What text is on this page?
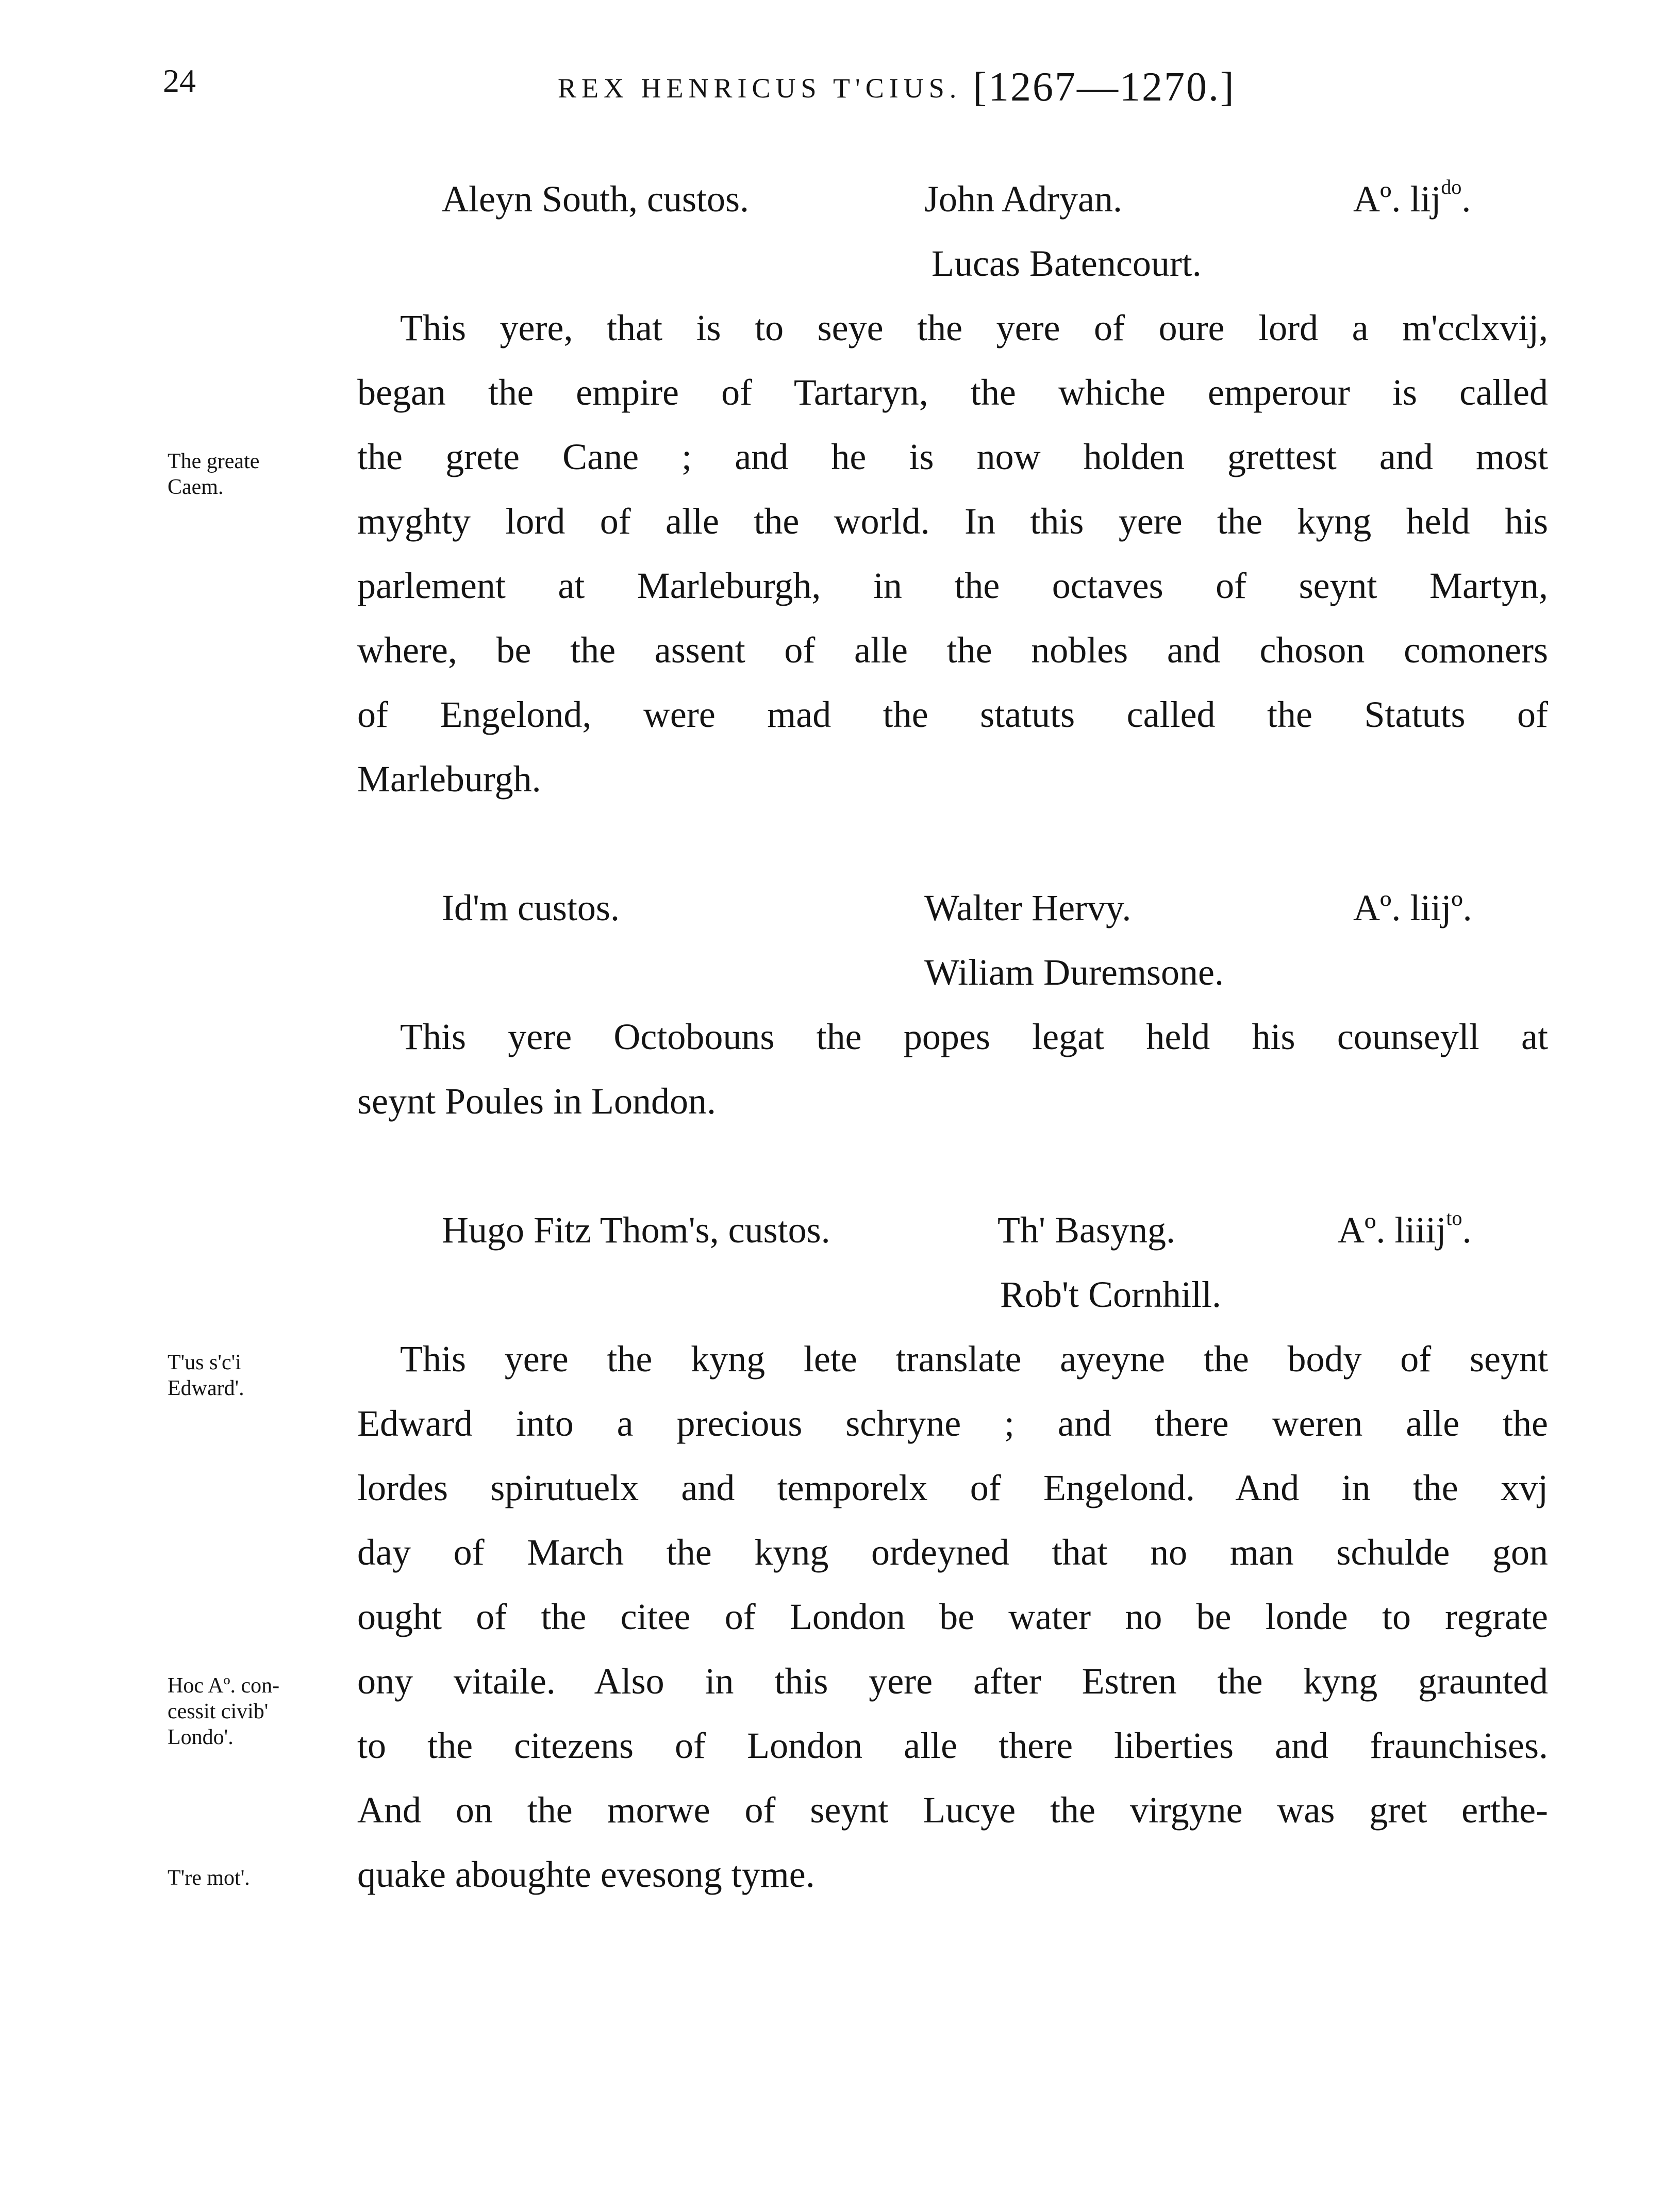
24	REX HENRICUS T'CIUS. [1267—1270.]
Aleyn South, custos.	John Adryan.	Aº. lij$^{do}$.
Lucas Batencourt.
This yere, that is to seye the yere of oure lord a m'cclxvij,
began the empire of Tartaryn, the whiche emperour is called
the grete Cane ; and he is now holden grettest and most
myghty lord of alle the world. In this yere the kyng held his
parlement at Marleburgh, in the octaves of seynt Martyn,
where, be the assent of alle the nobles and choson comoners
of Engelond, were mad the statuts called the Statuts of
Marleburgh.
Id'm custos.	Walter Hervy.	Aº. liijº.
Wiliam Duremsone.
This yere Octobouns the popes legat held his counseyll at
seynt Poules in London.
Hugo Fitz Thom's, custos.	Th' Basyng.	Aº. liiij$^{to}$.
Rob't Cornhill.
This yere the kyng lete translate ayeyne the body of seynt
Edward into a precious schryne ; and there weren alle the
lordes spirutuelx and temporelx of Engelond. And in the xvj
day of March the kyng ordeyned that no man schulde gon
ought of the citee of London be water no be londe to regrate
ony vitaile. Also in this yere after Estren the kyng graunted
to the citezens of London alle there liberties and fraunchises.
And on the morwe of seynt Lucye the virgyne was gret erthe-
quake aboughte evesong tyme.
The greate
Caem.
T'us s'c'i
Edward'.
Hoc Aº. con-
cessit civib'
Londo'.
T're mot'.
